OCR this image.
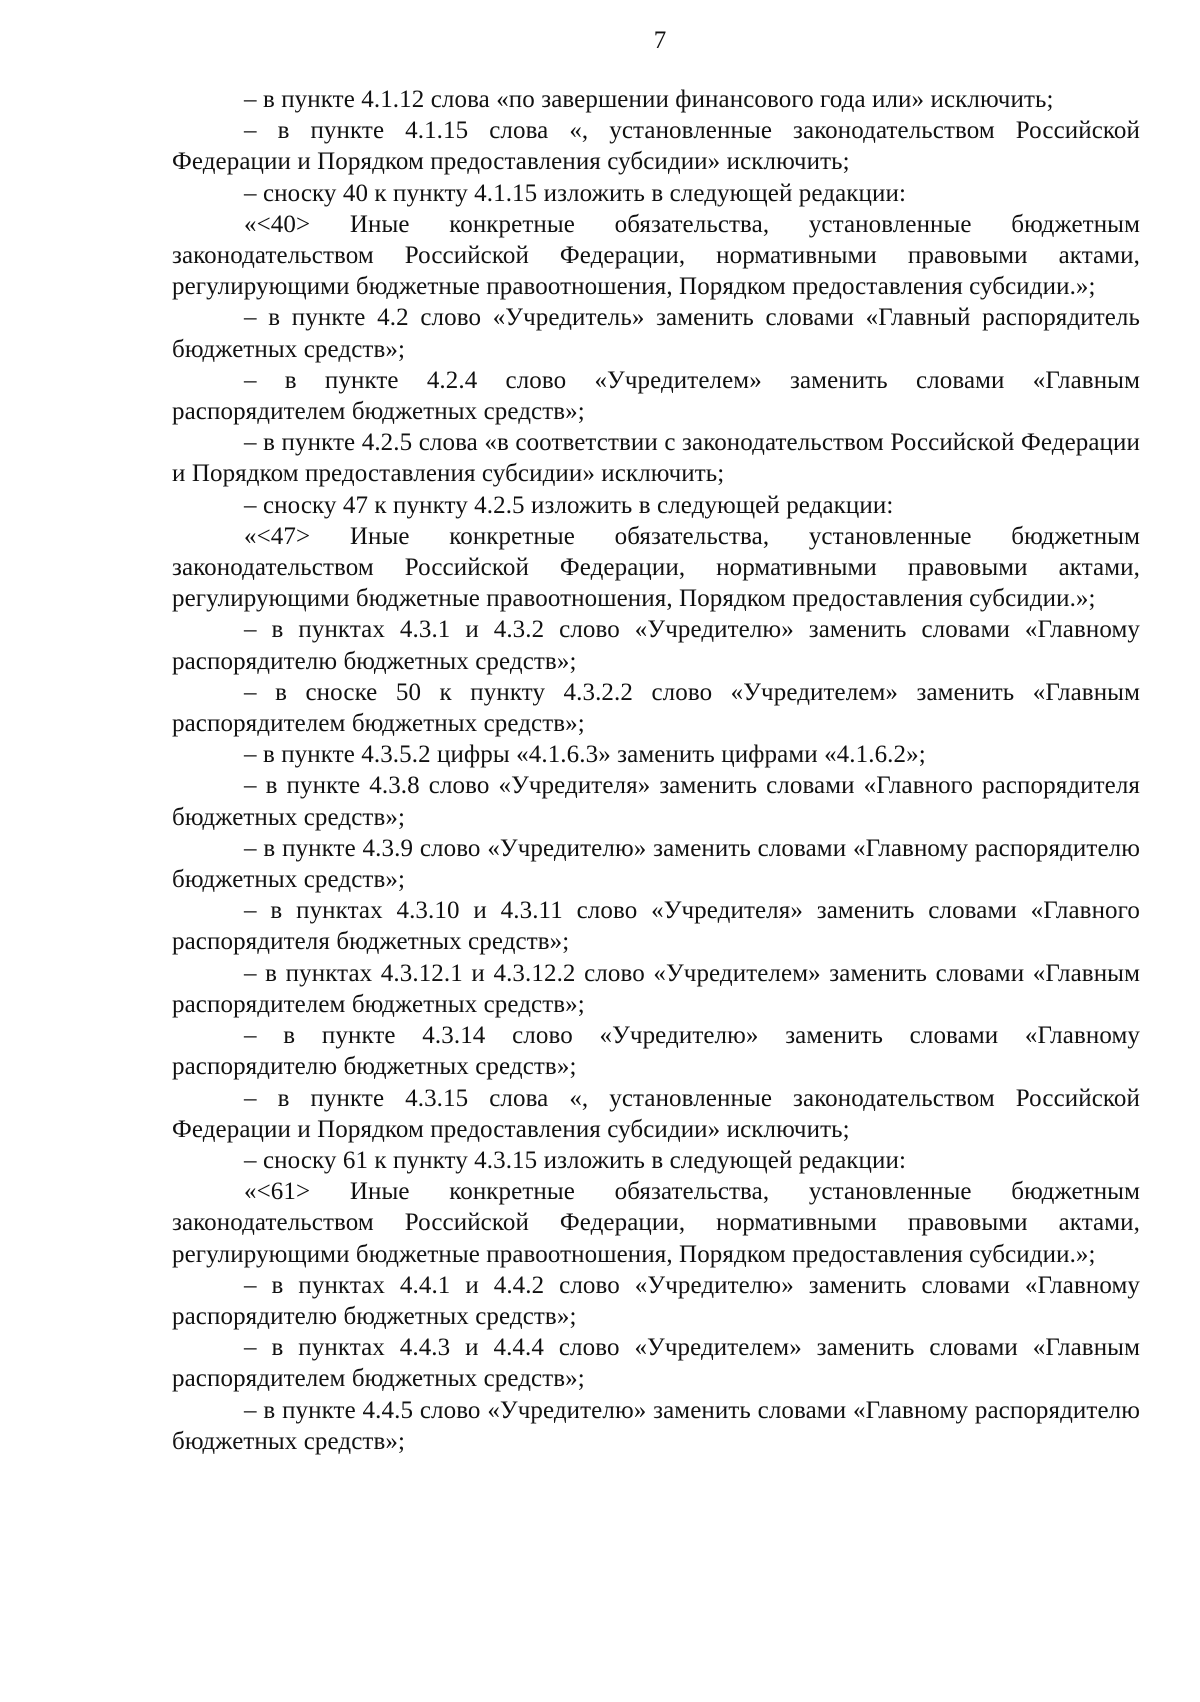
7

– в пункте 4.1.12 слова «по завершении финансового года или» исключить;

– в пункте 4.1.15 слова «, установленные законодательством Российской Федерации и Порядком предоставления субсидии» исключить;

– сноску 40 к пункту 4.1.15 изложить в следующей редакции:

«<40> Иные конкретные обязательства, установленные бюджетным законодательством Российской Федерации, нормативными правовыми актами, регулирующими бюджетные правоотношения, Порядком предоставления субсидии.»;

– в пункте 4.2 слово «Учредитель» заменить словами «Главный распорядитель бюджетных средств»;

– в пункте 4.2.4 слово «Учредителем» заменить словами «Главным распорядителем бюджетных средств»;

– в пункте 4.2.5 слова «в соответствии с законодательством Российской Федерации и Порядком предоставления субсидии» исключить;

– сноску 47 к пункту 4.2.5 изложить в следующей редакции:

«<47> Иные конкретные обязательства, установленные бюджетным законодательством Российской Федерации, нормативными правовыми актами, регулирующими бюджетные правоотношения, Порядком предоставления субсидии.»;

– в пунктах 4.3.1 и 4.3.2 слово «Учредителю» заменить словами «Главному распорядителю бюджетных средств»;

– в сноске 50 к пункту 4.3.2.2 слово «Учредителем» заменить «Главным распорядителем бюджетных средств»;

– в пункте 4.3.5.2 цифры «4.1.6.3» заменить цифрами «4.1.6.2»;

– в пункте 4.3.8 слово «Учредителя» заменить словами «Главного распорядителя бюджетных средств»;

– в пункте 4.3.9 слово «Учредителю» заменить словами «Главному распорядителю бюджетных средств»;

– в пунктах 4.3.10 и 4.3.11 слово «Учредителя» заменить словами «Главного распорядителя бюджетных средств»;

– в пунктах 4.3.12.1 и 4.3.12.2 слово «Учредителем» заменить словами «Главным распорядителем бюджетных средств»;

– в пункте 4.3.14 слово «Учредителю» заменить словами «Главному распорядителю бюджетных средств»;

– в пункте 4.3.15 слова «, установленные законодательством Российской Федерации и Порядком предоставления субсидии» исключить;

– сноску 61 к пункту 4.3.15 изложить в следующей редакции:

«<61> Иные конкретные обязательства, установленные бюджетным законодательством Российской Федерации, нормативными правовыми актами, регулирующими бюджетные правоотношения, Порядком предоставления субсидии.»;

– в пунктах 4.4.1 и 4.4.2 слово «Учредителю» заменить словами «Главному распорядителю бюджетных средств»;

– в пунктах 4.4.3 и 4.4.4 слово «Учредителем» заменить словами «Главным распорядителем бюджетных средств»;

– в пункте 4.4.5 слово «Учредителю» заменить словами «Главному распорядителю бюджетных средств»;
